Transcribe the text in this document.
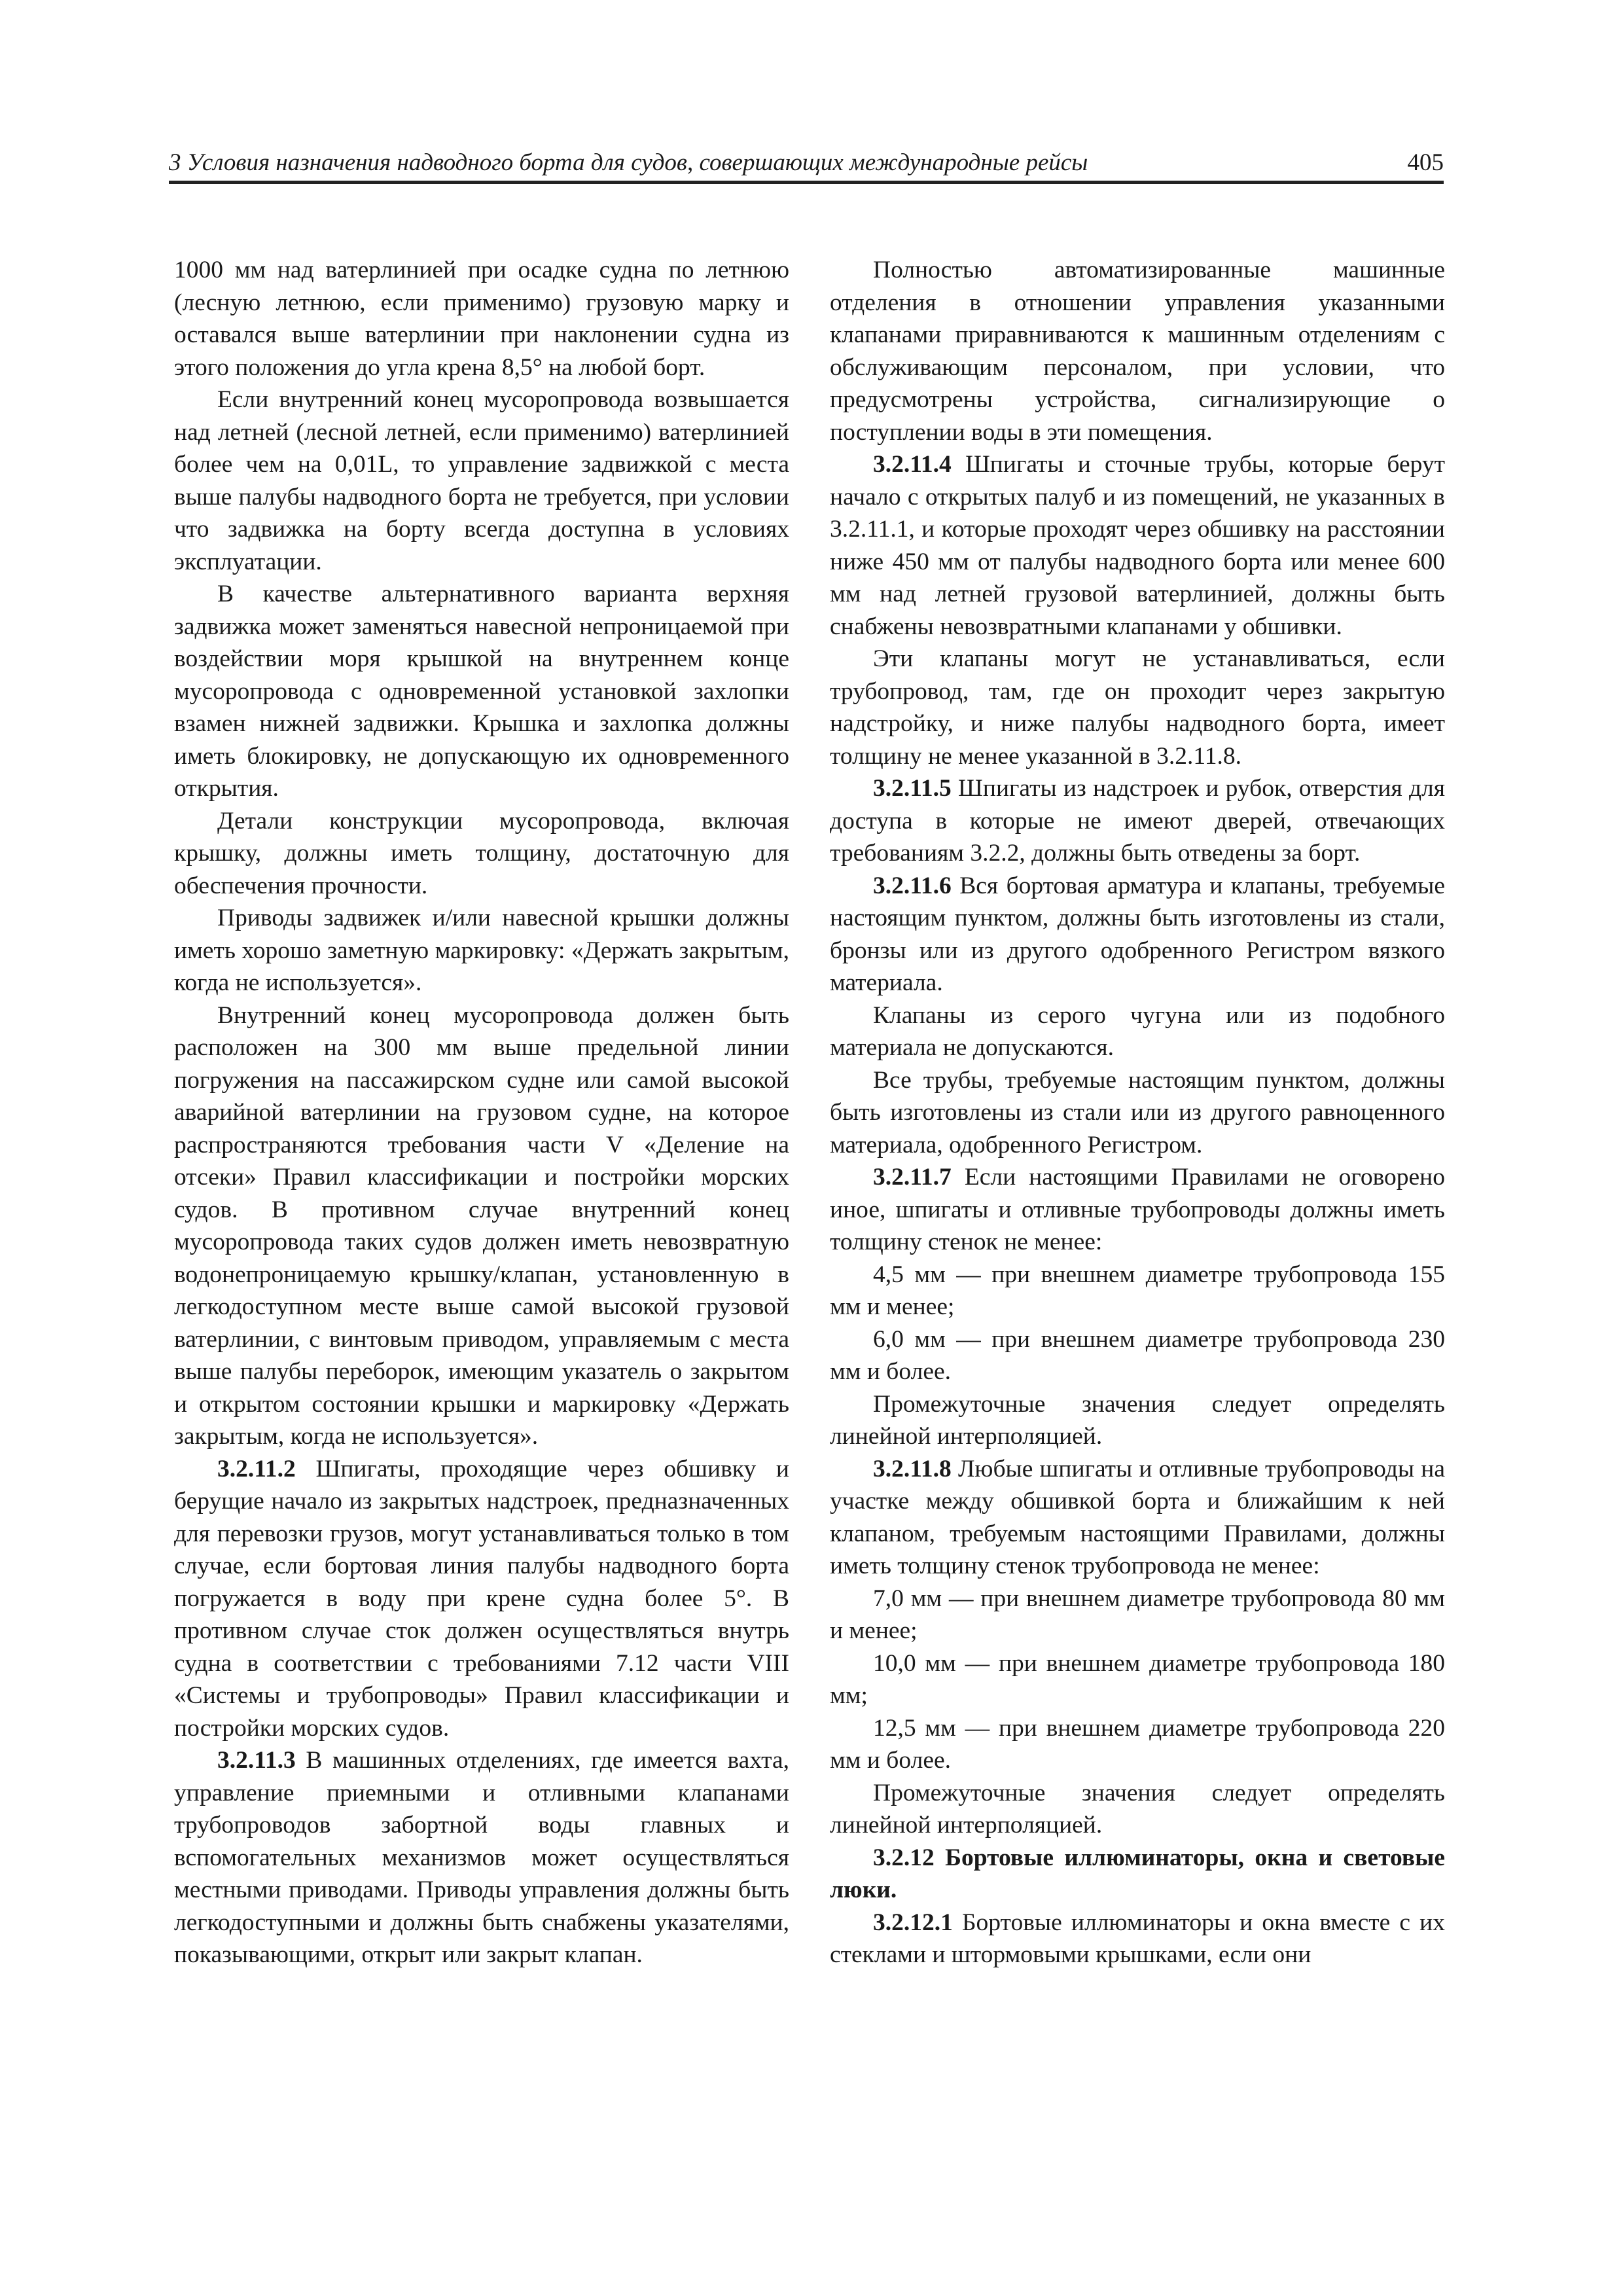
3 Условия назначения надводного борта для судов, совершающих международные рейсы	405

1000 мм над ватерлинией при осадке судна по летнюю (лесную летнюю, если применимо) грузовую марку и оставался выше ватерлинии при наклонении судна из этого положения до угла крена 8,5° на любой борт.

Если внутренний конец мусоропровода возвышается над летней (лесной летней, если применимо) ватерлинией более чем на 0,01L, то управление задвижкой с места выше палубы надводного борта не требуется, при условии что задвижка на борту всегда доступна в условиях эксплуатации.

В качестве альтернативного варианта верхняя задвижка может заменяться навесной непроницаемой при воздействии моря крышкой на внутреннем конце мусоропровода с одновременной установкой захлопки взамен нижней задвижки. Крышка и захлопка должны иметь блокировку, не допускающую их одновременного открытия.

Детали конструкции мусоропровода, включая крышку, должны иметь толщину, достаточную для обеспечения прочности.

Приводы задвижек и/или навесной крышки должны иметь хорошо заметную маркировку: «Держать закрытым, когда не используется».

Внутренний конец мусоропровода должен быть расположен на 300 мм выше предельной линии погружения на пассажирском судне или самой высокой аварийной ватерлинии на грузовом судне, на которое распространяются требования части V «Деление на отсеки» Правил классификации и постройки морских судов. В противном случае внутренний конец мусоропровода таких судов должен иметь невозвратную водонепроницаемую крышку/клапан, установленную в легкодоступном месте выше самой высокой грузовой ватерлинии, с винтовым приводом, управляемым с места выше палубы переборок, имеющим указатель о закрытом и открытом состоянии крышки и маркировку «Держать закрытым, когда не используется».

3.2.11.2 Шпигаты, проходящие через обшивку и берущие начало из закрытых надстроек, предназначенных для перевозки грузов, могут устанавливаться только в том случае, если бортовая линия палубы надводного борта погружается в воду при крене судна более 5°. В противном случае сток должен осуществляться внутрь судна в соответствии с требованиями 7.12 части VIII «Системы и трубопроводы» Правил классификации и постройки морских судов.

3.2.11.3 В машинных отделениях, где имеется вахта, управление приемными и отливными клапанами трубопроводов забортной воды главных и вспомогательных механизмов может осуществляться местными приводами. Приводы управления должны быть легкодоступными и должны быть снабжены указателями, показывающими, открыт или закрыт клапан.

Полностью автоматизированные машинные отделения в отношении управления указанными клапанами приравниваются к машинным отделениям с обслуживающим персоналом, при условии, что предусмотрены устройства, сигнализирующие о поступлении воды в эти помещения.

3.2.11.4 Шпигаты и сточные трубы, которые берут начало с открытых палуб и из помещений, не указанных в 3.2.11.1, и которые проходят через обшивку на расстоянии ниже 450 мм от палубы надводного борта или менее 600 мм над летней грузовой ватерлинией, должны быть снабжены невозвратными клапанами у обшивки.

Эти клапаны могут не устанавливаться, если трубопровод, там, где он проходит через закрытую надстройку, и ниже палубы надводного борта, имеет толщину не менее указанной в 3.2.11.8.

3.2.11.5 Шпигаты из надстроек и рубок, отверстия для доступа в которые не имеют дверей, отвечающих требованиям 3.2.2, должны быть отведены за борт.

3.2.11.6 Вся бортовая арматура и клапаны, требуемые настоящим пунктом, должны быть изготовлены из стали, бронзы или из другого одобренного Регистром вязкого материала.

Клапаны из серого чугуна или из подобного материала не допускаются.

Все трубы, требуемые настоящим пунктом, должны быть изготовлены из стали или из другого равноценного материала, одобренного Регистром.

3.2.11.7 Если настоящими Правилами не оговорено иное, шпигаты и отливные трубопроводы должны иметь толщину стенок не менее:

4,5 мм — при внешнем диаметре трубопровода 155 мм и менее;

6,0 мм — при внешнем диаметре трубопровода 230 мм и более.

Промежуточные значения следует определять линейной интерполяцией.

3.2.11.8 Любые шпигаты и отливные трубопроводы на участке между обшивкой борта и ближайшим к ней клапаном, требуемым настоящими Правилами, должны иметь толщину стенок трубопровода не менее:

7,0 мм — при внешнем диаметре трубопровода 80 мм и менее;

10,0 мм — при внешнем диаметре трубопровода 180 мм;

12,5 мм — при внешнем диаметре трубопровода 220 мм и более.

Промежуточные значения следует определять линейной интерполяцией.

3.2.12 Бортовые иллюминаторы, окна и световые люки.

3.2.12.1 Бортовые иллюминаторы и окна вместе с их стеклами и штормовыми крышками, если они
